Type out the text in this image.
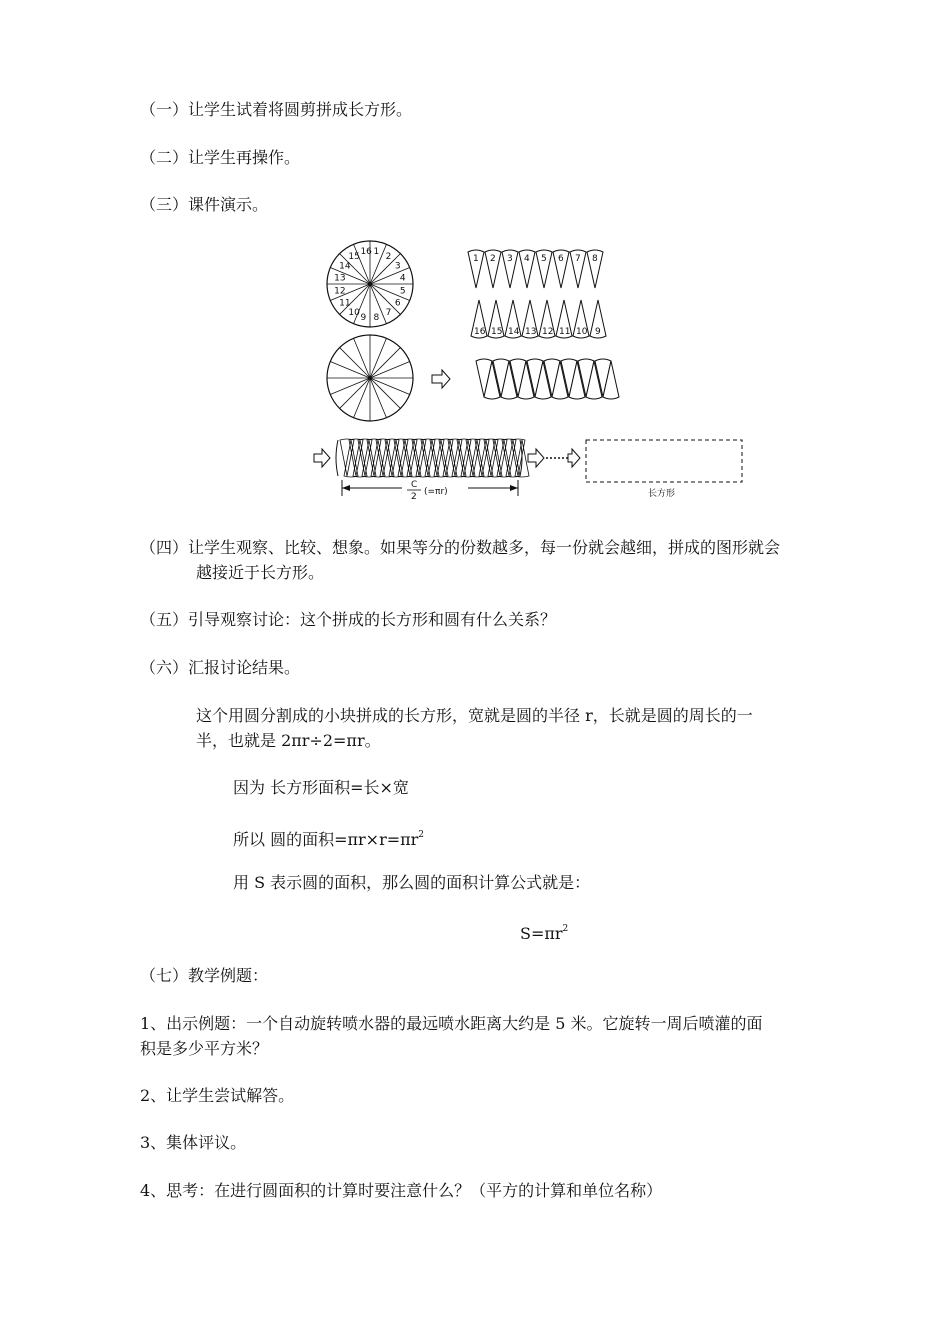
（一）让学生试着将圆剪拼成长方形。
（二）让学生再操作。
（三）课件演示。
1
2
3
4
5
6
7
8
9
10
11
12
13
14
15
16
1 2 3 4 5 6 7 8
16 15 14 13 12 11 10 9
C
2 (=πr)	长方形
（四）让学生观察、比较、想象。如果等分的份数越多，每一份就会越细，拼成的图形就会
越接近于长方形。
（五）引导观察讨论：这个拼成的长方形和圆有什么关系？
（六）汇报讨论结果。
这个用圆分割成的小块拼成的长方形，宽就是圆的半径 r，长就是圆的周长的一
半，也就是 2πr÷2=πr。
因为 长方形面积=长×宽
所以 圆的面积$=\pi r\times r=\pi r^2$
用 S 表示圆的面积，那么圆的面积计算公式就是：
$S=\pi r^2$
（七）教学例题：
1、出示例题：一个自动旋转喷水器的最远喷水距离大约是 5 米。它旋转一周后喷灌的面
积是多少平方米？
2、让学生尝试解答。
3、集体评议。
4、思考：在进行圆面积的计算时要注意什么？（平方的计算和单位名称）
